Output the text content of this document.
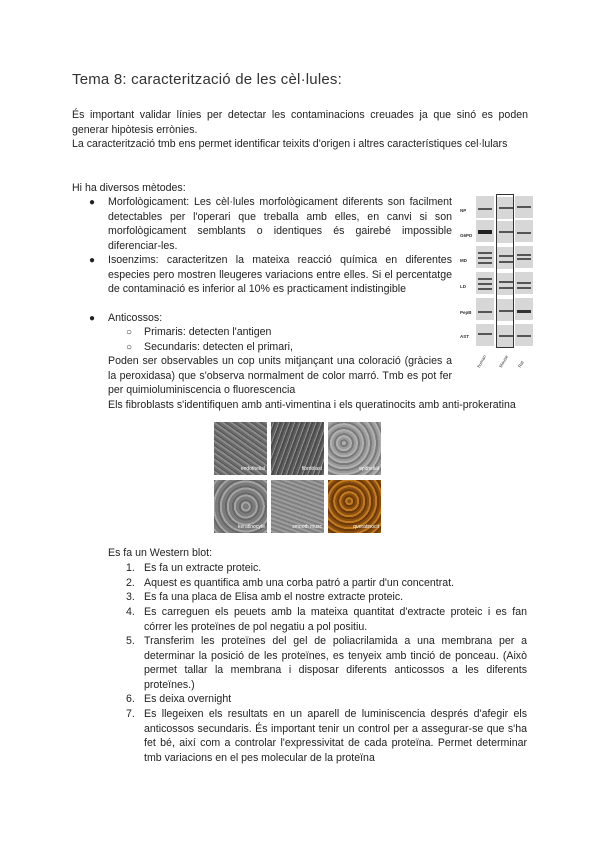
Tema 8: caracterització de les cèl·lules:
És important validar línies per detectar les contaminacions creuades ja que sinó es poden generar hipòtesis errònies.
La caracterització tmb ens permet identificar teixits d'origen i altres característiques cel·lulars
Hi ha diversos mètodes:
● Morfològicament: Les cèl·lules morfològicament diferents son facilment detectables per l'operari que treballa amb elles, en canvi si son morfològicament semblants o identiques és gairebé impossible diferenciar-les.
● Isoenzims: caracteritzen la mateixa reacció química en diferentes especies pero mostren lleugeres variacions entre elles. Si el percentatge de contaminació es inferior al 10% es practicament indistingible
● Anticossos:
○ Primaris: detecten l'antigen
○ Secundaris: detecten el primari,
Poden ser observables un cop units mitjançant una coloració (gràcies a la peroxidasa) que s'observa normalment de color marró. Tmb es pot fer per quimioluminiscencia o fluorescencia
Els fibroblasts s'identifiquen amb anti-vimentina i els queratinocits amb anti-prokeratina
NP
G6PD
MD
LD
PepB
AST
human	Mouse	Rat
endothelial	fibroblast	epithelial
keratinocyte	smooth musc	queratinocit
Es fa un Western blot:
1. Es fa un extracte proteic.
2. Aquest es quantifica amb una corba patró a partir d'un concentrat.
3. Es fa una placa de Elisa amb el nostre extracte proteic.
4. Es carreguen els peuets amb la mateixa quantitat d'extracte proteic i es fan córrer les proteïnes de pol negatiu a pol positiu.
5. Transferim les proteïnes del gel de poliacrilamida a una membrana per a determinar la posició de les proteïnes, es tenyeix amb tinció de ponceau. (Això permet tallar la membrana i disposar diferents anticossos a les diferents proteïnes.)
6. Es deixa overnight
7. Es llegeixen els resultats en un aparell de luminiscencia després d'afegir els anticossos secundaris. És important tenir un control per a assegurar-se que s'ha fet bé, així com a controlar l'expressivitat de cada proteïna. Permet determinar tmb variacions en el pes molecular de la proteïna
